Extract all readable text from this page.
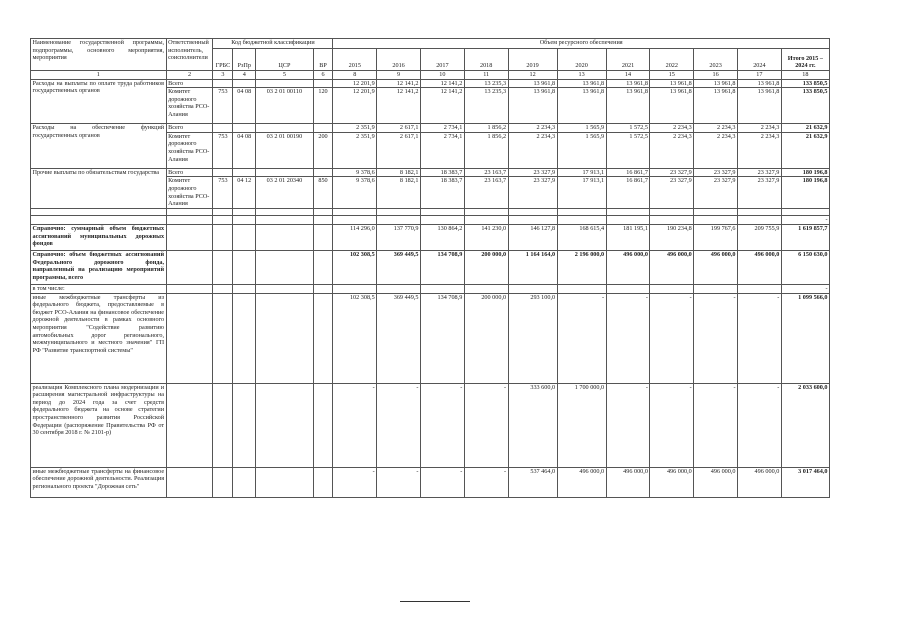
Наименование государственной программы, подпрограммы, основного мероприятия, мероприятия	Ответственный исполнитель, соисполнители	Код бюджетной классификации				Объем ресурсного обеспечения										
		ГРБС	РзПр	ЦСР	ВР	2015	2016	2017	2018	2019	2020	2021	2022	2023	2024	Итого 2015 – 2024 гг.

1	2	3	4	5	6	8	9	10	11	12	13	14	15	16	17	18
Расходы на выплаты по оплате труда работников государственных органов	Всего					12 201,9	12 141,2	12 141,2	13 235,3	13 961,8	13 961,8	13 961,8	13 961,8	13 961,8	13 961,8	133 850,5
	Комитет дорожного хозяйства РСО-Алания	753	04 08	03 2 01 00110	120	12 201,9	12 141,2	12 141,2	13 235,3	13 961,8	13 961,8	13 961,8	13 961,8	13 961,8	13 961,8	133 850,5
Расходы на обеспечение функций государственных органов	Всего					2 351,9	2 617,1	2 734,1	1 856,2	2 234,3	1 565,9	1 572,5	2 234,3	2 234,3	2 234,3	21 632,9
	Комитет дорожного хозяйства РСО-Алания	753	04 08	03 2 01 00190	200	2 351,9	2 617,1	2 734,1	1 856,2	2 234,3	1 565,9	1 572,5	2 234,3	2 234,3	2 234,3	21 632,9
Прочие выплаты по обязательствам государства	Всего					9 378,6	8 182,1	18 383,7	23 163,7	23 327,9	17 913,1	16 861,7	23 327,9	23 327,9	23 327,9	180 196,8
	Комитет дорожного хозяйства РСО-Алания	753	04 12	03 2 01 20340	850	9 378,6	8 182,1	18 383,7	23 163,7	23 327,9	17 913,1	16 861,7	23 327,9	23 327,9	23 327,9	180 196,8

																-
Справочно: суммарный объем бюджетных ассигнований муниципальных дорожных фондов						114 296,0	137 770,9	130 864,2	141 230,0	146 127,8	168 615,4	181 195,1	190 234,8	199 767,6	209 755,9	1 619 857,7
Справочно: объем бюджетных ассигнований Федерального дорожного фонда, направленный на реализацию мероприятий программы, всего						102 308,5	369 449,5	134 708,9	200 000,0	1 164 164,0	2 196 000,0	496 000,0	496 000,0	496 000,0	496 000,0	6 150 630,0
в том числе:																-
иные межбюджетные трансферты из федерального бюджета, предоставляемые в бюджет РСО-Алания на финансовое обеспечение дорожной деятельности в рамках основного мероприятия "Содействие развитию автомобильных дорог регионального, межмуниципального и местного значения" ГП РФ "Развитие транспортной системы"						102 308,5	369 449,5	134 708,9	200 000,0	293 100,0	-	-	-	-	-	1 099 566,0
реализация Комплексного плана модернизации и расширения магистральной инфраструктуры на период до 2024 года за счет средств федерального бюджета на основе стратегии пространственного развития Российской Федерации (распоряжение Правительства РФ от 30 сентября 2018 г. № 2101-р)						-	-	-	-	333 600,0	1 700 000,0	-	-	-	-	2 033 600,0
иные межбюджетные трансферты на финансовое обеспечение дорожной деятельности. Реализация регионального проекта "Дорожная сеть"						-	-	-	-	537 464,0	496 000,0	496 000,0	496 000,0	496 000,0	496 000,0	3 017 464,0
